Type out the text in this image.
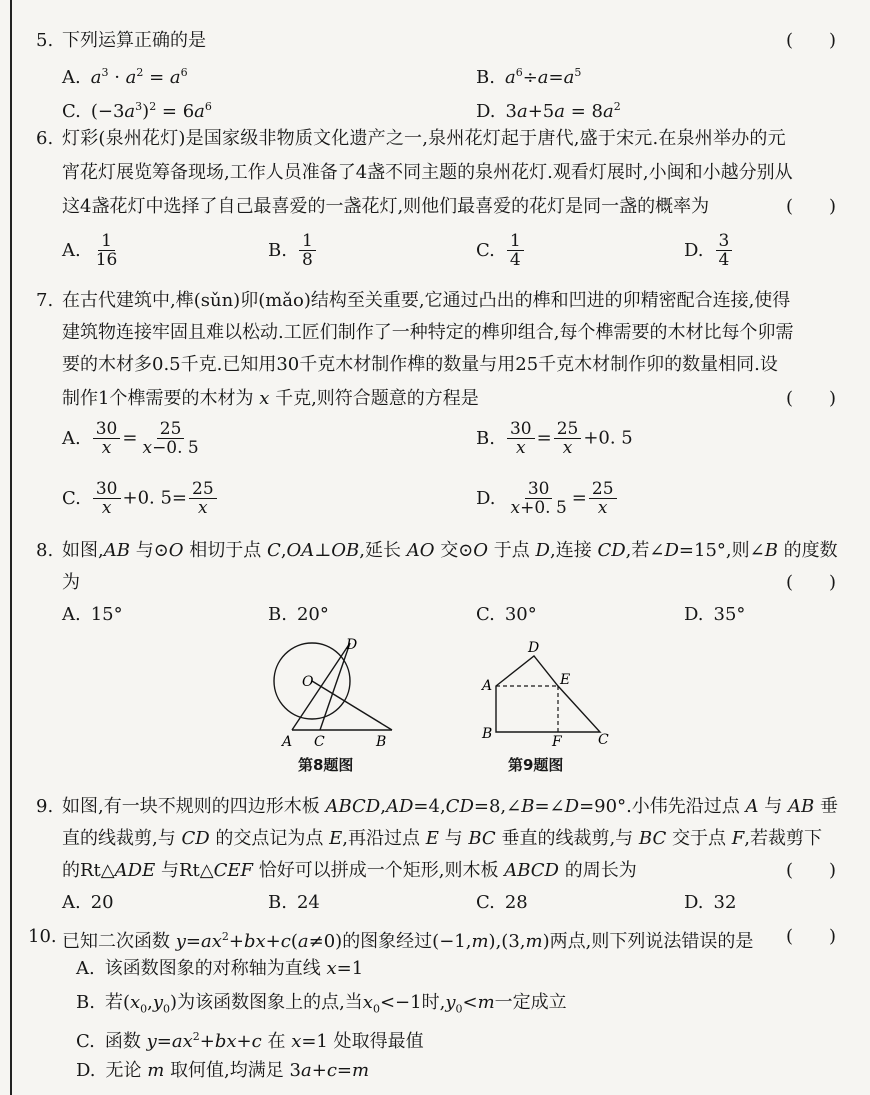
5. 下列运算正确的是	(　　)
A. $a^3 \cdot a^2 = a^6$	B. $a^6\div a=a^5$
C. $(-3a^3)^2 = 6a^6$	D. $3a+5a = 8a^2$
6. 灯彩(泉州花灯)是国家级非物质文化遗产之一,泉州花灯起于唐代,盛于宋元.在泉州举办的元
宵花灯展览筹备现场,工作人员准备了4盏不同主题的泉州花灯.观看灯展时,小闽和小越分别从
这4盏花灯中选择了自己最喜爱的一盏花灯,则他们最喜爱的花灯是同一盏的概率为	(　　)
A. $\frac{1}{16}$	B. $\frac{1}{8}$	C. $\frac{1}{4}$	D. $\frac{3}{4}$
7. 在古代建筑中,榫(sǔn)卯(mǎo)结构至关重要,它通过凸出的榫和凹进的卯精密配合连接,使得
建筑物连接牢固且难以松动.工匠们制作了一种特定的榫卯组合,每个榫需要的木材比每个卯需
要的木材多0.5千克.已知用30千克木材制作榫的数量与用25千克木材制作卯的数量相同.设
制作1个榫需要的木材为 x 千克,则符合题意的方程是	(　　)
A. $\frac{30}{x} = \frac{25}{x-0. 5}$	B. $\frac{30}{x} = \frac{25}{x} +0$. 5
C. $\frac{30}{x} +0$. $5= \frac{25}{x}$	D. $\frac{30}{x+0. 5} = \frac{25}{x}$
8. 如图,AB 与⊙O 相切于点 C,OA⊥OB,延长 AO 交⊙O 于点 D,连接 CD,若∠D=15°,则∠B 的度数
为	(　　)
A. 15°	B. 20°	C. 30°	D. 35°
D
O
A C	B
第8题图
D
A	E
B	F	C
第9题图
9. 如图,有一块不规则的四边形木板 ABCD,AD=4,CD=8,∠B=∠D=90°.小伟先沿过点 A 与 AB 垂
直的线裁剪,与 CD 的交点记为点 E,再沿过点 E 与 BC 垂直的线裁剪,与 BC 交于点 F,若裁剪下
的Rt△ADE 与Rt△CEF 恰好可以拼成一个矩形,则木板 ABCD 的周长为	(　　)
A. 20	B. 24	C. 28	D. 32
10. 已知二次函数 $y=ax^2+bx+c(a\ne 0)$的图象经过(−1,m),(3,m)两点,则下列说法错误的是 (　　)
A. 该函数图象的对称轴为直线 x=1
B. 若$(x_0,y_0)$为该函数图象上的点,当$x_0<-1$时$,y_0<m$一定成立
C. 函数 $y=ax^2+bx+c$ 在 x=1 处取得最值
D. 无论 m 取何值,均满足 3a+c=m
